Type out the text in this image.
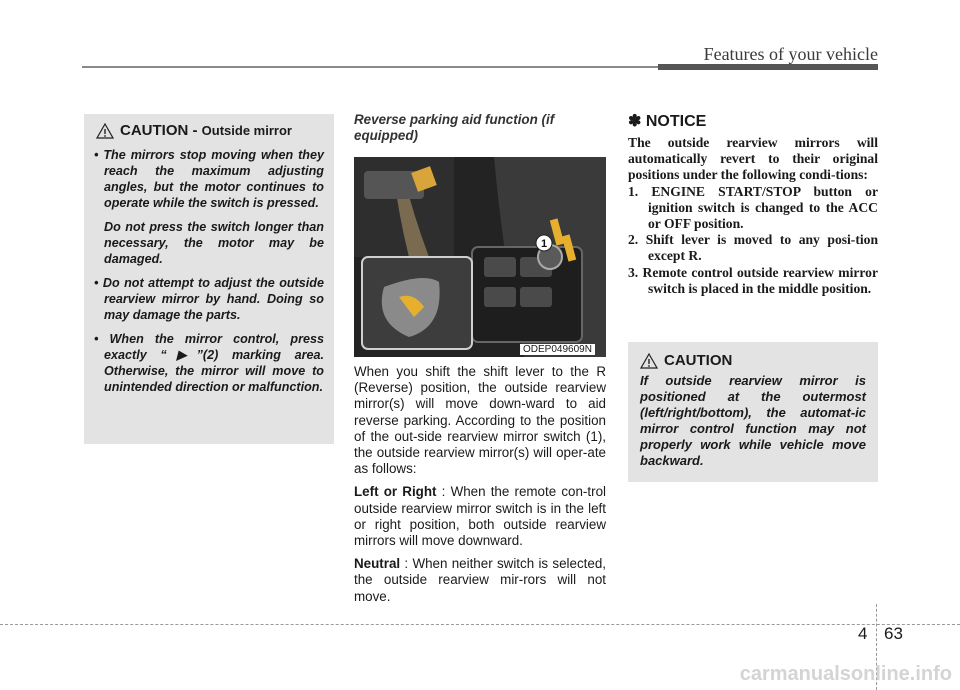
Features of your vehicle
CAUTION - Outside mirror
• The mirrors stop moving when they reach the maximum adjusting angles, but the motor continues to operate while the switch is pressed.

Do not press the switch longer than necessary, the motor may be damaged.

• Do not attempt to adjust the outside rearview mirror by hand. Doing so may damage the parts.
• When the mirror control, press exactly “▶”(2) marking area. Otherwise, the mirror will move to unintended direction or malfunction.
Reverse parking aid function (if equipped)
1
ODEP049609N

When you shift the shift lever to the R (Reverse) position, the outside rearview mirror(s) will move down-ward to aid reverse parking. According to the position of the out-side rearview mirror switch (1), the outside rearview mirror(s) will oper-ate as follows:

Left or Right : When the remote con-trol outside rearview mirror switch is in the left or right position, both outside rearview mirrors will move downward.

Neutral : When neither switch is selected, the outside rearview mir-rors will not move.

✽ NOTICE
The outside rearview mirrors will automatically revert to their original positions under the following condi-tions:
1. ENGINE START/STOP button or ignition switch is changed to the ACC or OFF position.
2. Shift lever is moved to any posi-tion except R.
3. Remote control outside rearview mirror switch is placed in the middle position.
CAUTION
If outside rearview mirror is positioned at the outermost (left/right/bottom), the automat-ic mirror control function may not properly work while vehicle move backward.
4 63
carmanualsonline.info
